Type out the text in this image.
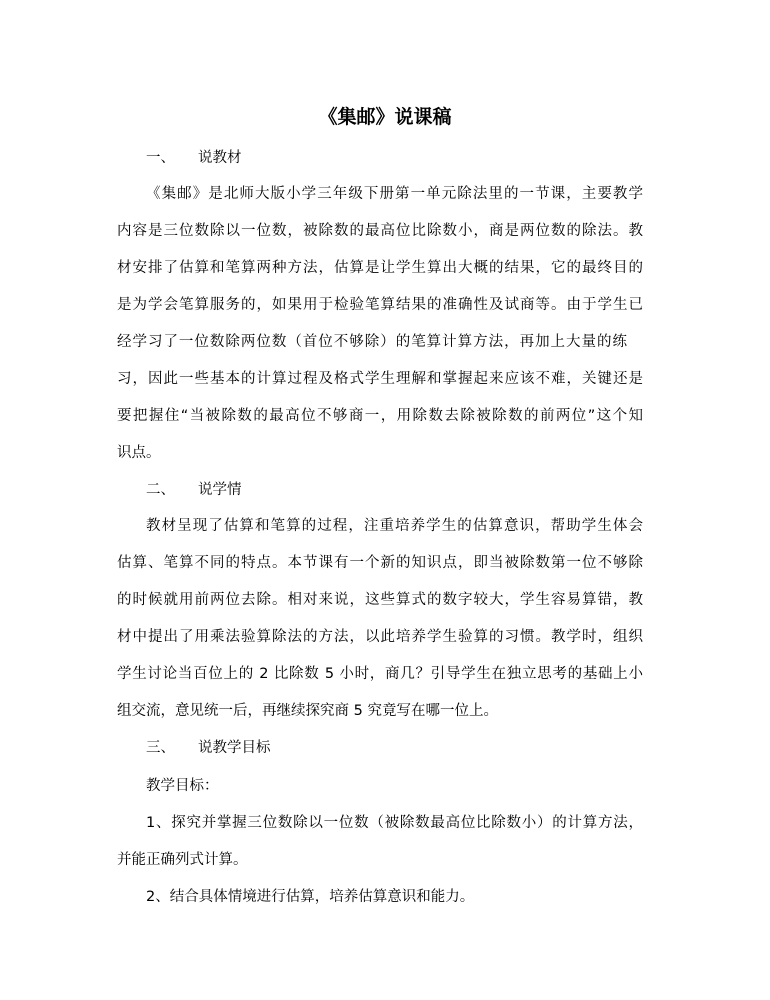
《集邮》说课稿
一、 说教材
《集邮》是北师大版小学三年级下册第一单元除法里的一节课，主要教学
内容是三位数除以一位数，被除数的最高位比除数小，商是两位数的除法。教
材安排了估算和笔算两种方法，估算是让学生算出大概的结果，它的最终目的
是为学会笔算服务的，如果用于检验笔算结果的准确性及试商等。由于学生已
经学习了一位数除两位数（首位不够除）的笔算计算方法，再加上大量的练
习，因此一些基本的计算过程及格式学生理解和掌握起来应该不难，关键还是
要把握住“当被除数的最高位不够商一，用除数去除被除数的前两位”这个知
识点。
二、 说学情
教材呈现了估算和笔算的过程，注重培养学生的估算意识，帮助学生体会
估算、笔算不同的特点。本节课有一个新的知识点，即当被除数第一位不够除
的时候就用前两位去除。相对来说，这些算式的数字较大，学生容易算错，教
材中提出了用乘法验算除法的方法，以此培养学生验算的习惯。教学时，组织
学生讨论当百位上的 2 比除数 5 小时，商几？引导学生在独立思考的基础上小
组交流，意见统一后，再继续探究商 5 究竟写在哪一位上。
三、 说教学目标
教学目标：
1、探究并掌握三位数除以一位数（被除数最高位比除数小）的计算方法，
并能正确列式计算。
2、结合具体情境进行估算，培养估算意识和能力。
